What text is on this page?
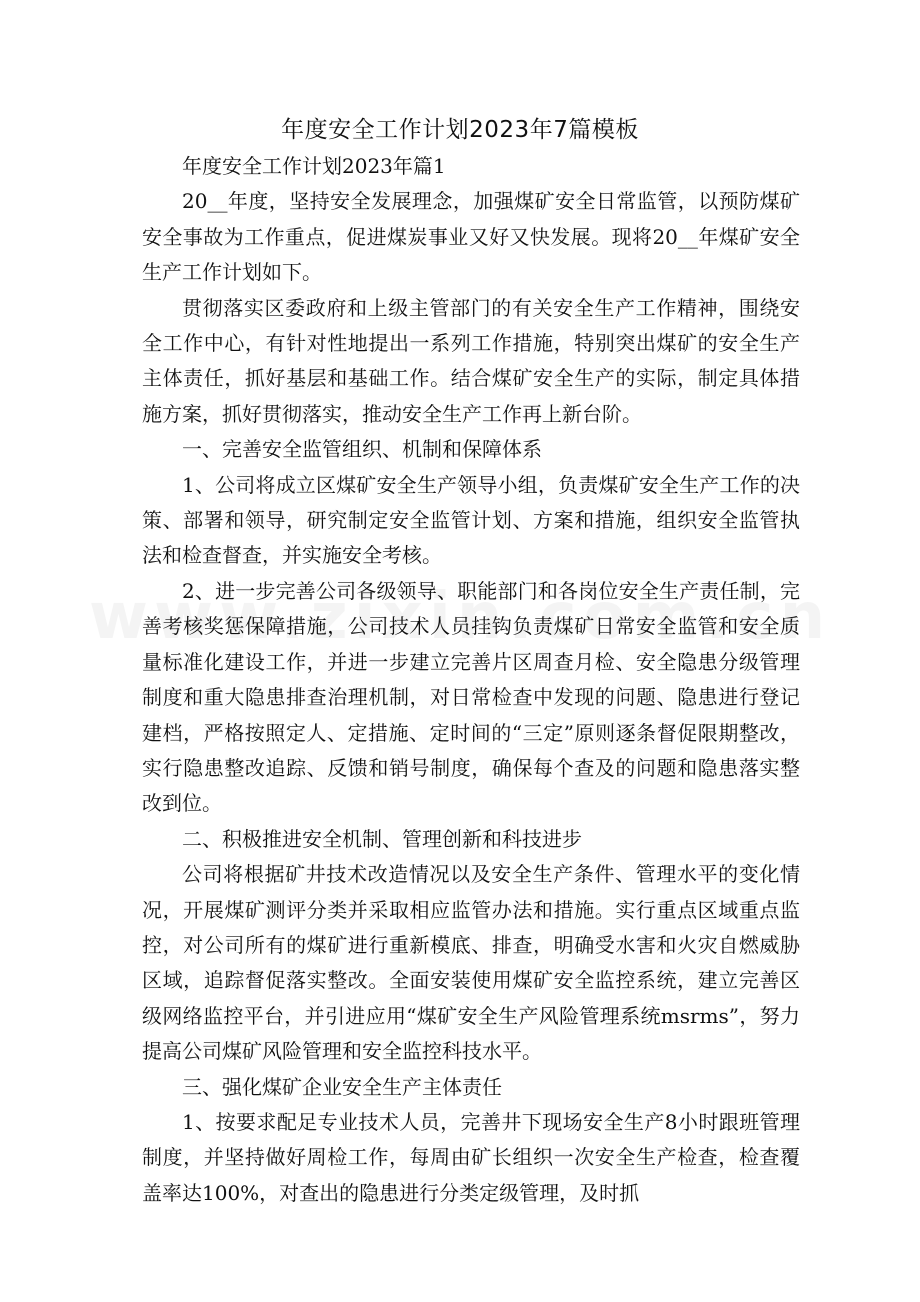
年度安全工作计划2023年7篇模板

年度安全工作计划2023年篇1

20__年度，坚持安全发展理念，加强煤矿安全日常监管，以预防煤矿安全事故为工作重点，促进煤炭事业又好又快发展。现将20__年煤矿安全生产工作计划如下。

贯彻落实区委政府和上级主管部门的有关安全生产工作精神，围绕安全工作中心，有针对性地提出一系列工作措施，特别突出煤矿的安全生产主体责任，抓好基层和基础工作。结合煤矿安全生产的实际，制定具体措施方案，抓好贯彻落实，推动安全生产工作再上新台阶。

一、完善安全监管组织、机制和保障体系

1、公司将成立区煤矿安全生产领导小组，负责煤矿安全生产工作的决策、部署和领导，研究制定安全监管计划、方案和措施，组织安全监管执法和检查督查，并实施安全考核。

2、进一步完善公司各级领导、职能部门和各岗位安全生产责任制，完善考核奖惩保障措施，公司技术人员挂钩负责煤矿日常安全监管和安全质量标准化建设工作，并进一步建立完善片区周查月检、安全隐患分级管理制度和重大隐患排查治理机制，对日常检查中发现的问题、隐患进行登记建档，严格按照定人、定措施、定时间的“三定”原则逐条督促限期整改，实行隐患整改追踪、反馈和销号制度，确保每个查及的问题和隐患落实整改到位。

二、积极推进安全机制、管理创新和科技进步

公司将根据矿井技术改造情况以及安全生产条件、管理水平的变化情况，开展煤矿测评分类并采取相应监管办法和措施。实行重点区域重点监控，对公司所有的煤矿进行重新模底、排查，明确受水害和火灾自燃威胁区域，追踪督促落实整改。全面安装使用煤矿安全监控系统，建立完善区级网络监控平台，并引进应用“煤矿安全生产风险管理系统msrms”，努力提高公司煤矿风险管理和安全监控科技水平。

三、强化煤矿企业安全生产主体责任

1、按要求配足专业技术人员，完善井下现场安全生产8小时跟班管理制度，并坚持做好周检工作，每周由矿长组织一次安全生产检查，检查覆盖率达100%，对查出的隐患进行分类定级管理，及时抓
